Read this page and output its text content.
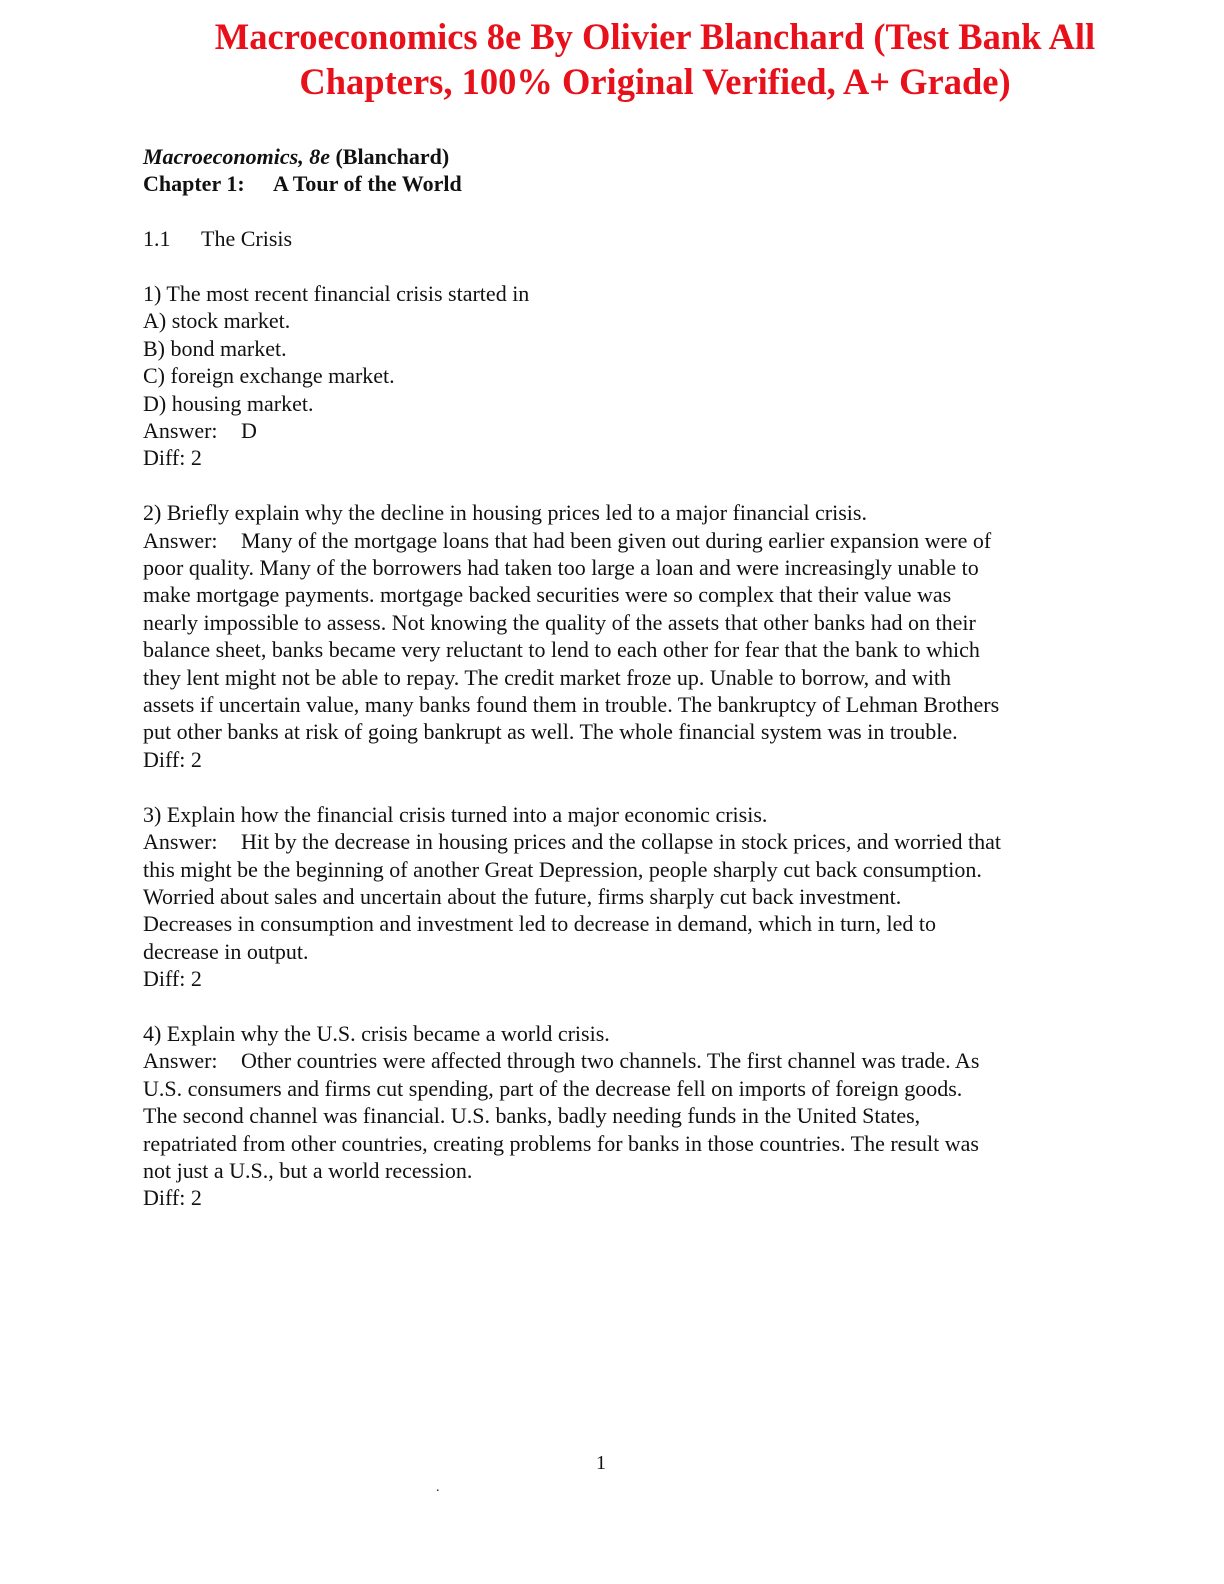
Macroeconomics 8e By Olivier Blanchard (Test Bank All
Chapters, 100% Original Verified, A+ Grade)
Macroeconomics, 8e (Blanchard)
Chapter 1: A Tour of the World
1.1 The Crisis
1) The most recent financial crisis started in
A) stock market.
B) bond market.
C) foreign exchange market.
D) housing market.
Answer: D
Diff: 2
2) Briefly explain why the decline in housing prices led to a major financial crisis.
Answer: Many of the mortgage loans that had been given out during earlier expansion were of
poor quality. Many of the borrowers had taken too large a loan and were increasingly unable to
make mortgage payments. mortgage backed securities were so complex that their value was
nearly impossible to assess. Not knowing the quality of the assets that other banks had on their
balance sheet, banks became very reluctant to lend to each other for fear that the bank to which
they lent might not be able to repay. The credit market froze up. Unable to borrow, and with
assets if uncertain value, many banks found them in trouble. The bankruptcy of Lehman Brothers
put other banks at risk of going bankrupt as well. The whole financial system was in trouble.
Diff: 2
3) Explain how the financial crisis turned into a major economic crisis.
Answer: Hit by the decrease in housing prices and the collapse in stock prices, and worried that
this might be the beginning of another Great Depression, people sharply cut back consumption.
Worried about sales and uncertain about the future, firms sharply cut back investment.
Decreases in consumption and investment led to decrease in demand, which in turn, led to
decrease in output.
Diff: 2
4) Explain why the U.S. crisis became a world crisis.
Answer: Other countries were affected through two channels. The first channel was trade. As
U.S. consumers and firms cut spending, part of the decrease fell on imports of foreign goods.
The second channel was financial. U.S. banks, badly needing funds in the United States,
repatriated from other countries, creating problems for banks in those countries. The result was
not just a U.S., but a world recession.
Diff: 2
1
.
